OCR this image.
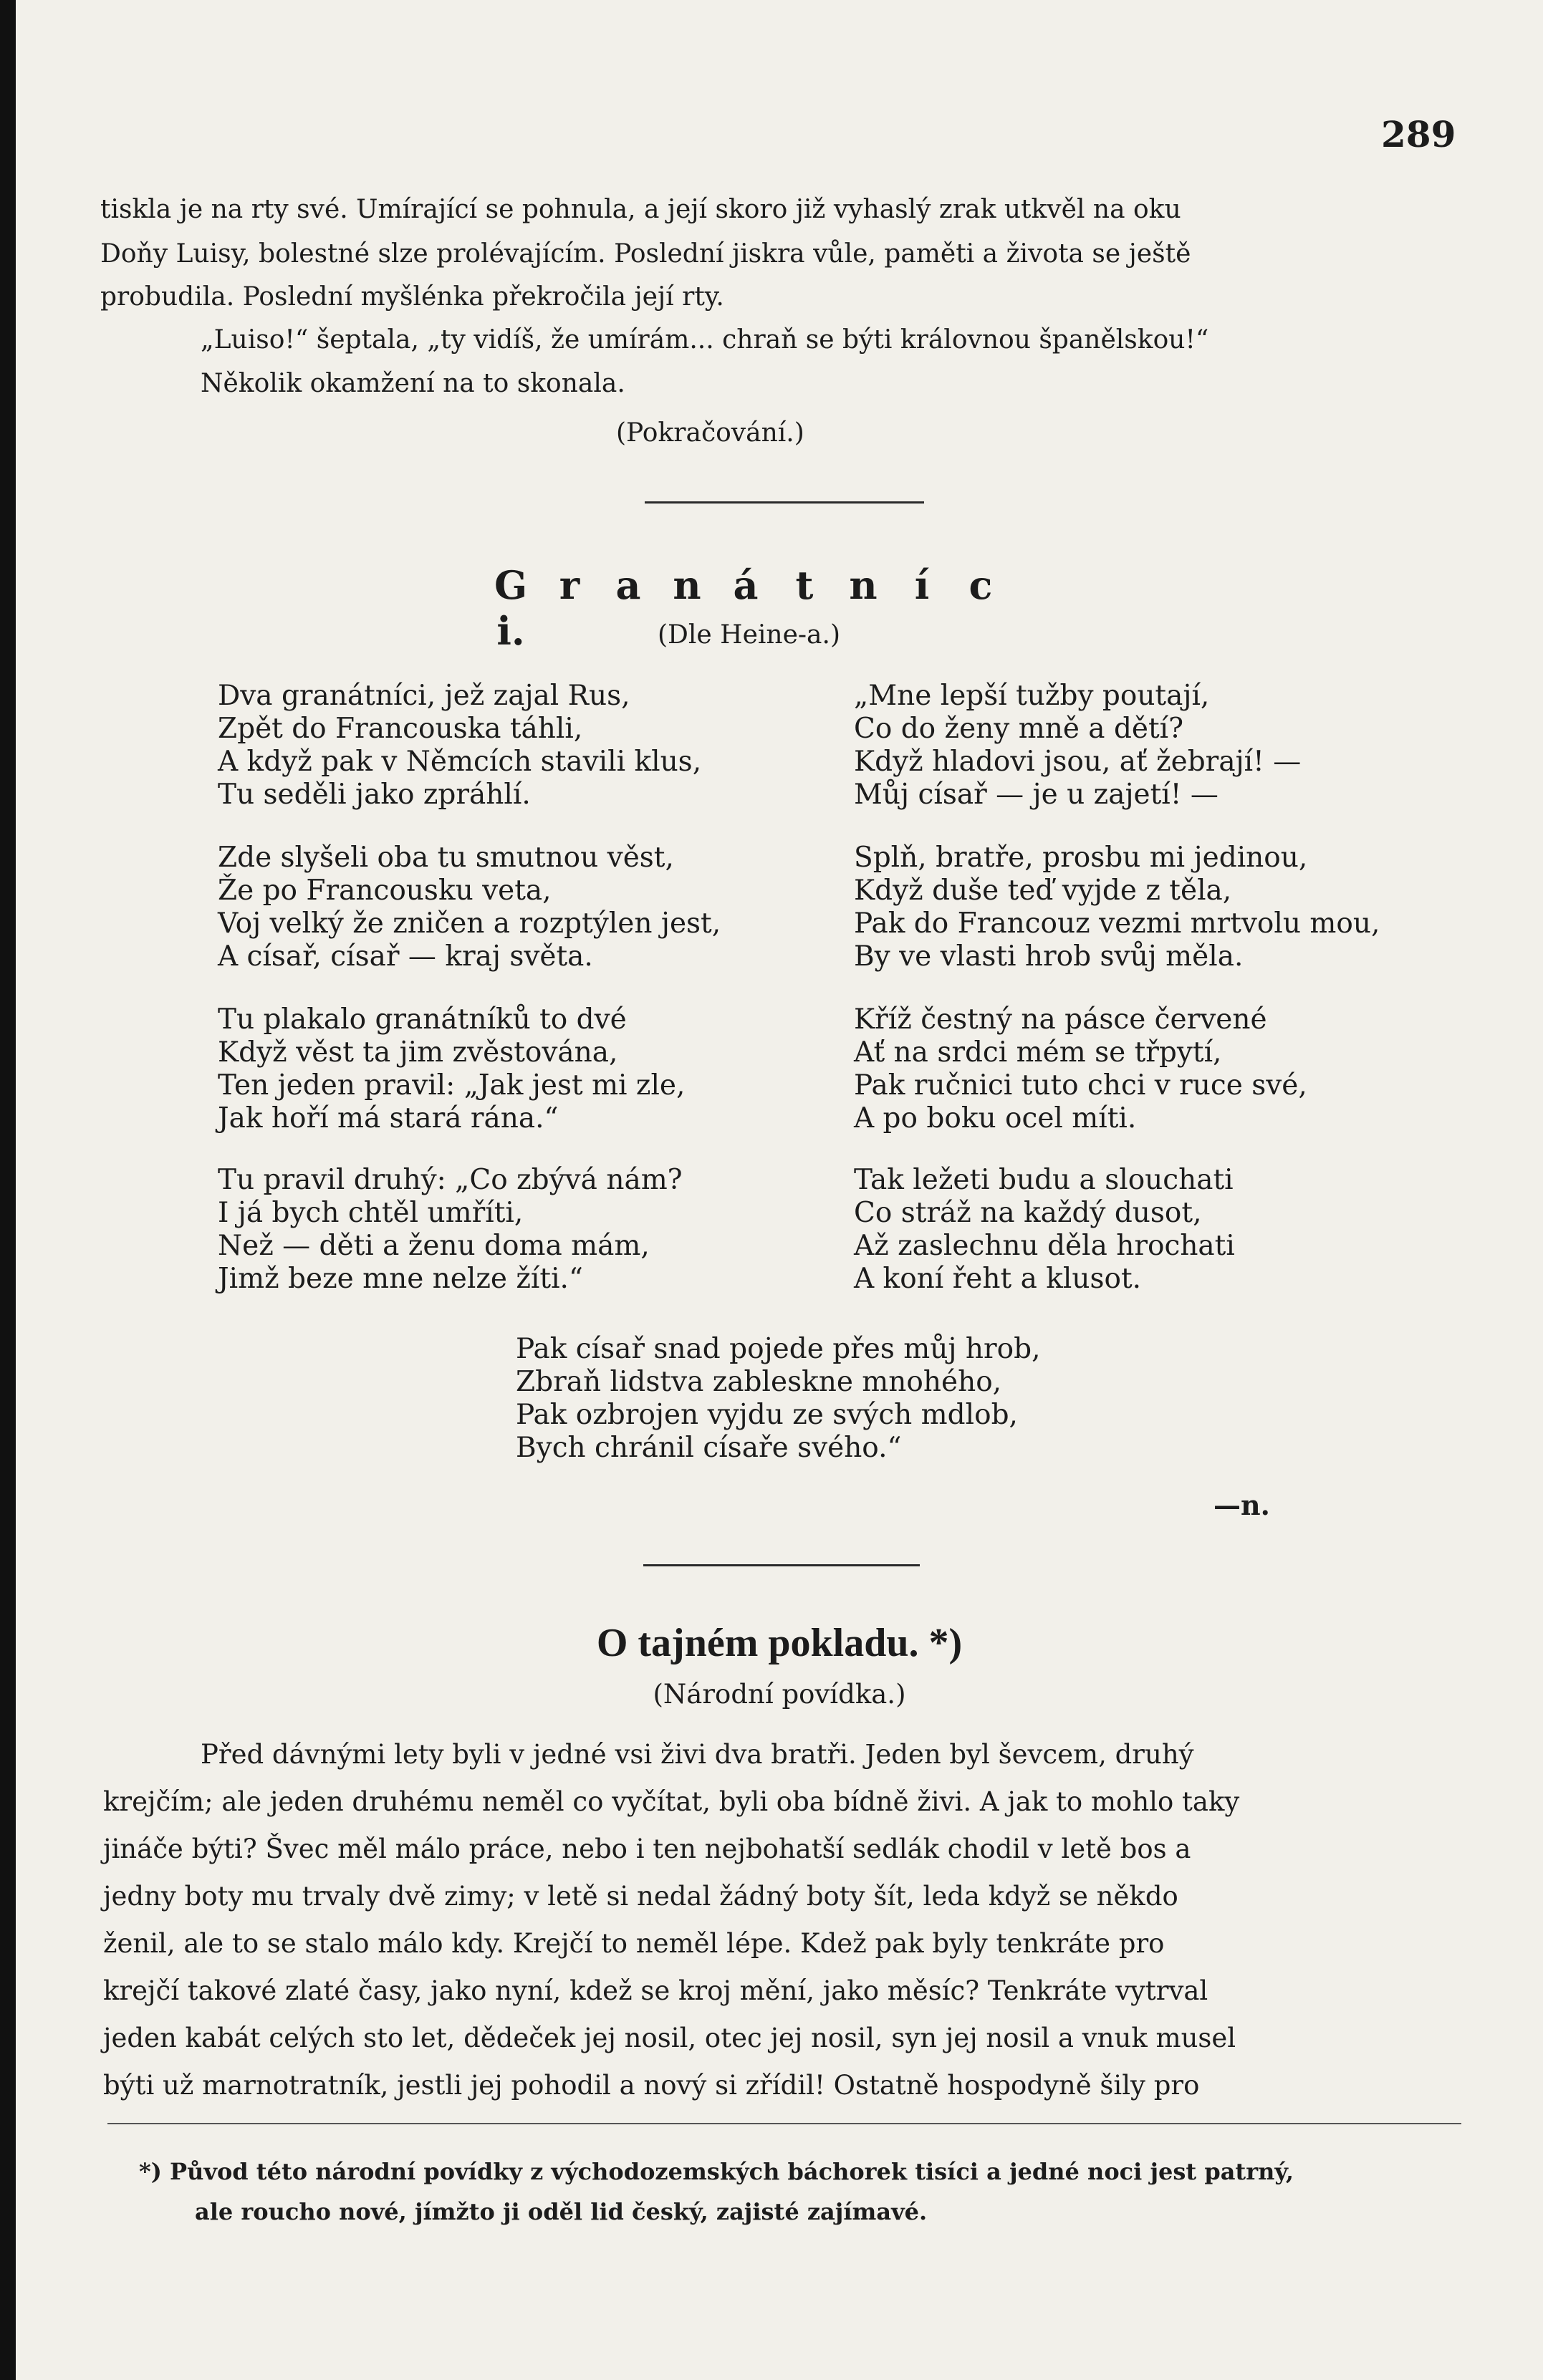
289
tiskla je na rty své. Umírající se pohnula, a její skoro již vyhaslý zrak utkvěl na oku
Doňy Luisy, bolestné slze prolévajícím. Poslední jiskra vůle, paměti a života se ještě
probudila. Poslední myšlénka překročila její rty.
„Luiso!“ šeptala, „ty vidíš, že umírám... chraň se býti královnou španělskou!“
Několik okamžení na to skonala.
(Pokračování.)
G r a n á t n í ci.	(Dle Heine-a.)
Dva granátníci, jež zajal Rus,
Zpět do Francouska táhli,
A když pak v Němcích stavili klus,
Tu seděli jako zpráhlí.
Zde slyšeli oba tu smutnou věst,
Že po Francousku veta,
Voj velký že zničen a rozptýlen jest,
A císař, císař — kraj světa.
Tu plakalo granátníků to dvé
Když věst ta jim zvěstována,
Ten jeden pravil: „Jak jest mi zle,
Jak hoří má stará rána.“
Tu pravil druhý: „Co zbývá nám?
I já bych chtěl umříti,
Než — děti a ženu doma mám,
Jimž beze mne nelze žíti.“
„Mne lepší tužby poutají,
Co do ženy mně a dětí?
Když hladovi jsou, ať žebrají! —
Můj císař — je u zajetí! —
Splň, bratře, prosbu mi jedinou,
Když duše teď vyjde z těla,
Pak do Francouz vezmi mrtvolu mou,
By ve vlasti hrob svůj měla.
Kříž čestný na pásce červené
Ať na srdci mém se třpytí,
Pak ručnici tuto chci v ruce své,
A po boku ocel míti.
Tak ležeti budu a slouchati
Co stráž na každý dusot,
Až zaslechnu děla hrochati
A koní řeht a klusot.
Pak císař snad pojede přes můj hrob,
Zbraň lidstva zableskne mnohého,
Pak ozbrojen vyjdu ze svých mdlob,
Bych chránil císaře svého.“
—n.
O tajném pokladu. *)
(Národní povídka.)
Před dávnými lety byli v jedné vsi živi dva bratři. Jeden byl ševcem, druhý
krejčím; ale jeden druhému neměl co vyčítat, byli oba bídně živi. A jak to mohlo taky
jináče býti? Švec měl málo práce, nebo i ten nejbohatší sedlák chodil v letě bos a
jedny boty mu trvaly dvě zimy; v letě si nedal žádný boty šít, leda když se někdo
ženil, ale to se stalo málo kdy. Krejčí to neměl lépe. Kdež pak byly tenkráte pro
krejčí takové zlaté časy, jako nyní, kdež se kroj mění, jako měsíc? Tenkráte vytrval
jeden kabát celých sto let, dědeček jej nosil, otec jej nosil, syn jej nosil a vnuk musel
býti už marnotratník, jestli jej pohodil a nový si zřídil! Ostatně hospodyně šily pro
*) Původ této národní povídky z východozemských báchorek tisíci a jedné noci jest patrný,
ale roucho nové, jímžto ji oděl lid český, zajisté zajímavé.
